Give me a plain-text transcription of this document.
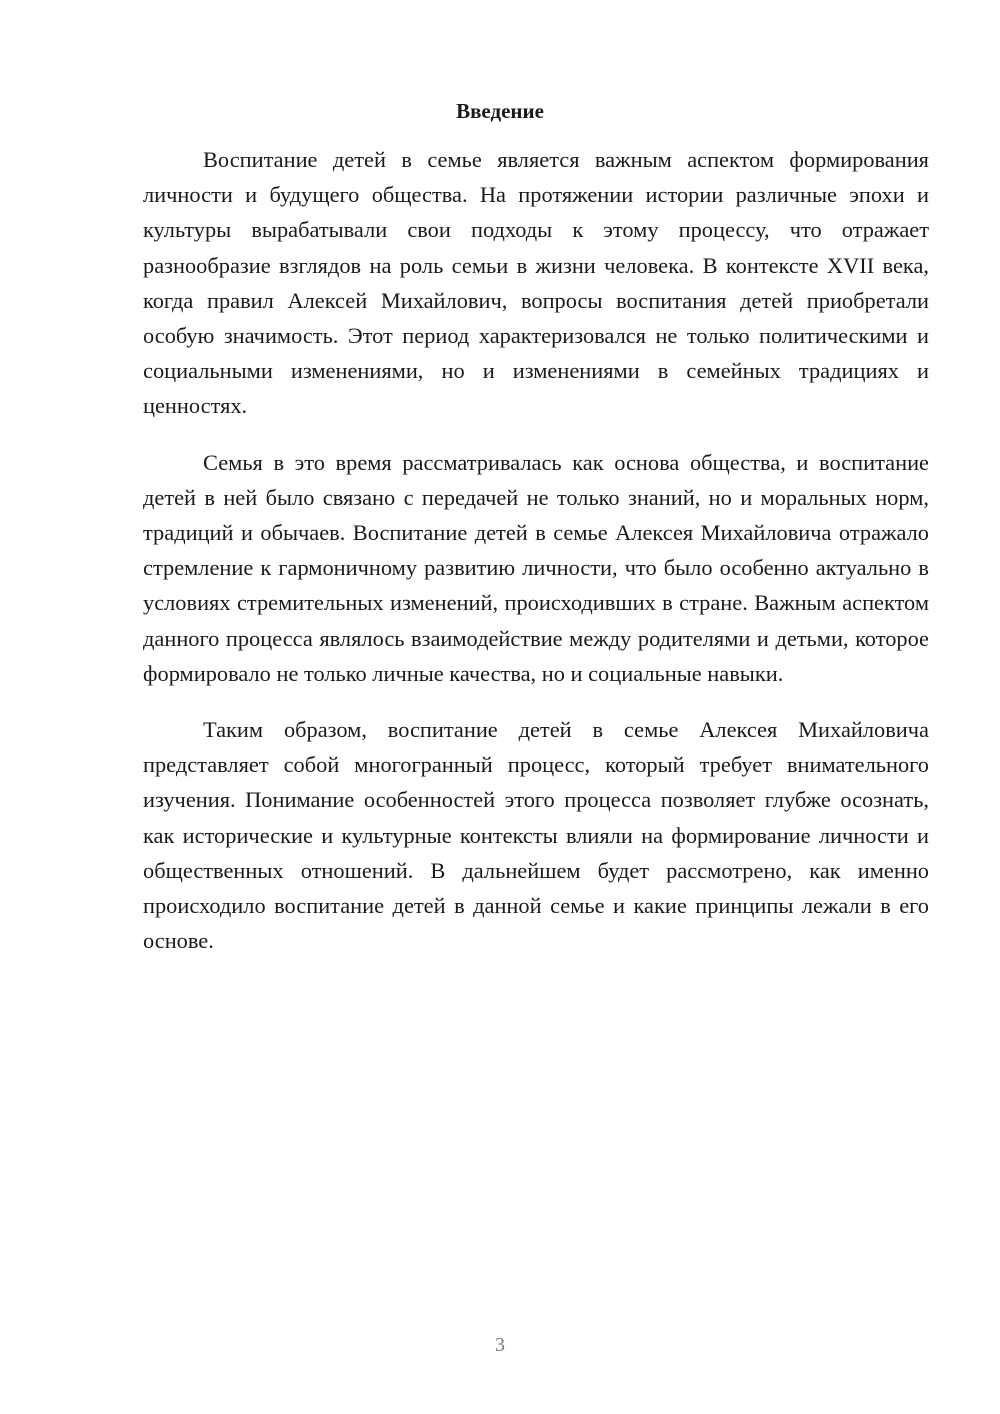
Введение

Воспитание детей в семье является важным аспектом формирования личности и будущего общества. На протяжении истории различные эпохи и культуры вырабатывали свои подходы к этому процессу, что отражает разнообразие взглядов на роль семьи в жизни человека. В контексте XVII века, когда правил Алексей Михайлович, вопросы воспитания детей приобретали особую значимость. Этот период характеризовался не только политическими и социальными изменениями, но и изменениями в семейных традициях и ценностях.

Семья в это время рассматривалась как основа общества, и воспитание детей в ней было связано с передачей не только знаний, но и моральных норм, традиций и обычаев. Воспитание детей в семье Алексея Михайловича отражало стремление к гармоничному развитию личности, что было особенно актуально в условиях стремительных изменений, происходивших в стране. Важным аспектом данного процесса являлось взаимодействие между родителями и детьми, которое формировало не только личные качества, но и социальные навыки.

Таким образом, воспитание детей в семье Алексея Михайловича представляет собой многогранный процесс, который требует внимательного изучения. Понимание особенностей этого процесса позволяет глубже осознать, как исторические и культурные контексты влияли на формирование личности и общественных отношений. В дальнейшем будет рассмотрено, как именно происходило воспитание детей в данной семье и какие принципы лежали в его основе.

3
